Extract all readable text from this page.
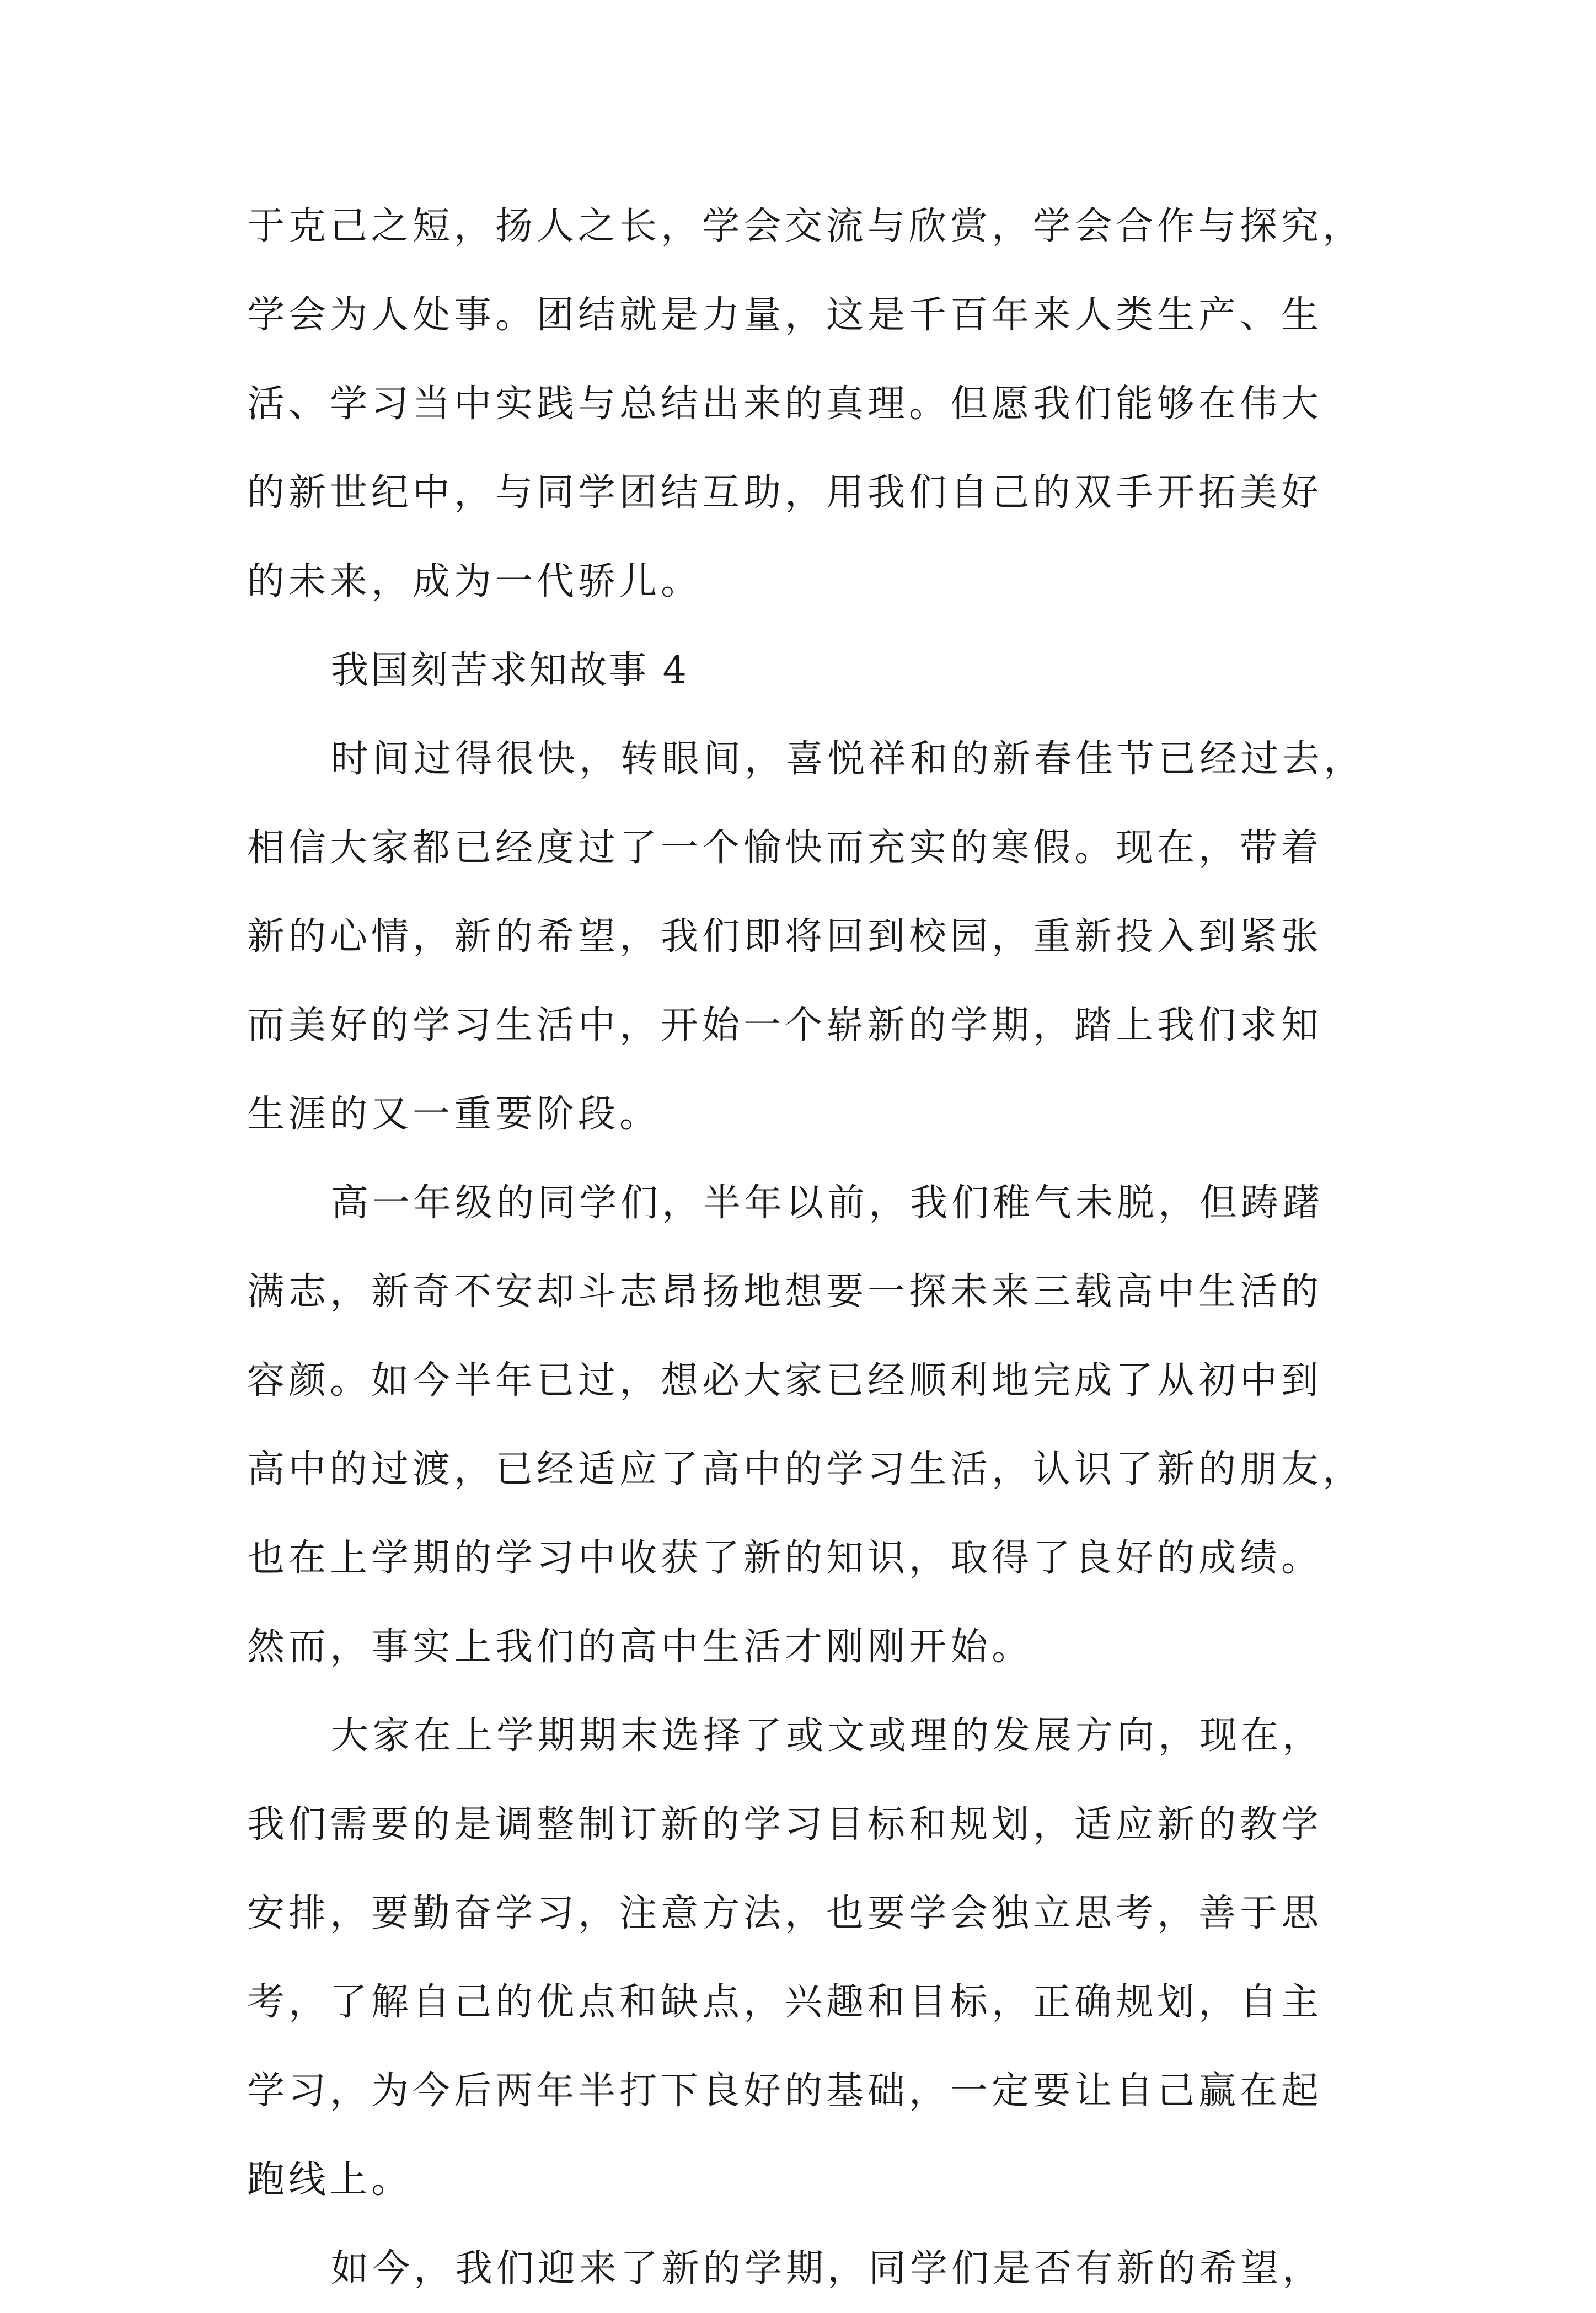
于克己之短，扬人之长，学会交流与欣赏，学会合作与探究，
学会为人处事。团结就是力量，这是千百年来人类生产、生
活、学习当中实践与总结出来的真理。但愿我们能够在伟大
的新世纪中，与同学团结互助，用我们自己的双手开拓美好
的未来，成为一代骄儿。
我国刻苦求知故事 4
时间过得很快，转眼间，喜悦祥和的新春佳节已经过去，
相信大家都已经度过了一个愉快而充实的寒假。现在，带着
新的心情，新的希望，我们即将回到校园，重新投入到紧张
而美好的学习生活中，开始一个崭新的学期，踏上我们求知
生涯的又一重要阶段。
高一年级的同学们，半年以前，我们稚气未脱，但踌躇
满志，新奇不安却斗志昂扬地想要一探未来三载高中生活的
容颜。如今半年已过，想必大家已经顺利地完成了从初中到
高中的过渡，已经适应了高中的学习生活，认识了新的朋友，
也在上学期的学习中收获了新的知识，取得了良好的成绩。
然而，事实上我们的高中生活才刚刚开始。
大家在上学期期末选择了或文或理的发展方向，现在，
我们需要的是调整制订新的学习目标和规划，适应新的教学
安排，要勤奋学习，注意方法，也要学会独立思考，善于思
考，了解自己的优点和缺点，兴趣和目标，正确规划，自主
学习，为今后两年半打下良好的基础，一定要让自己赢在起
跑线上。
如今，我们迎来了新的学期，同学们是否有新的希望，
